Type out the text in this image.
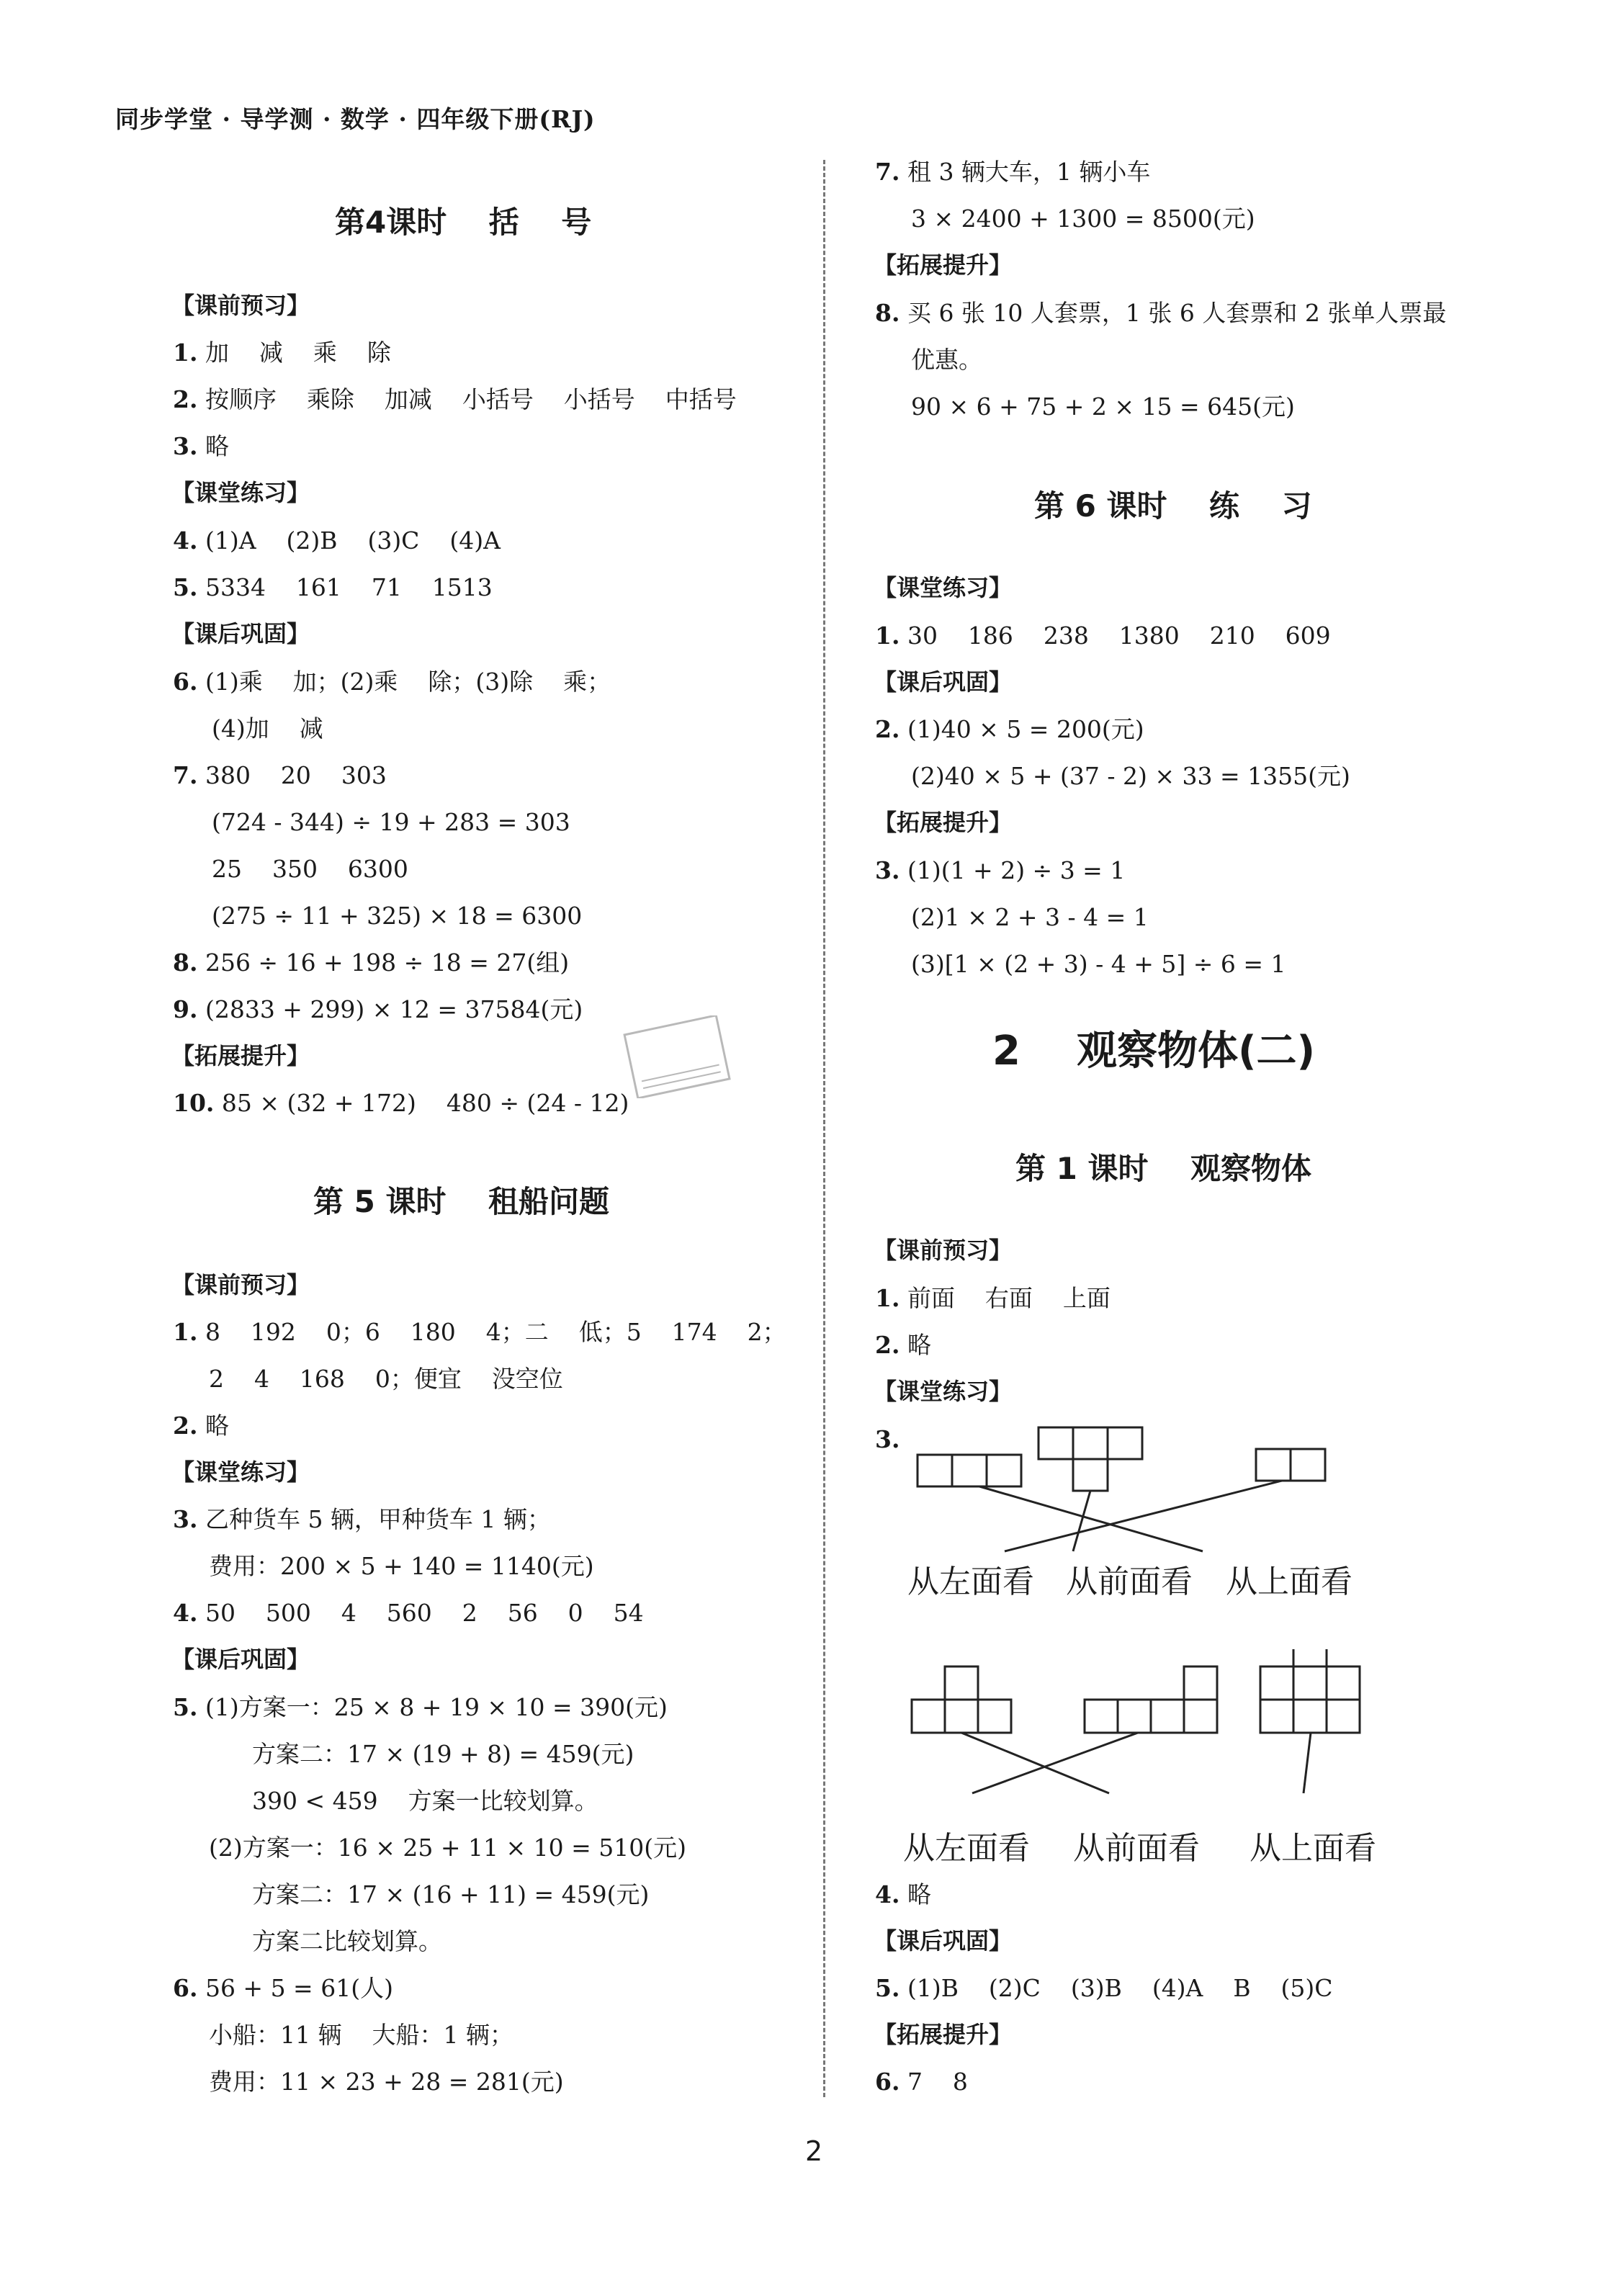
同步学堂 · 导学测 · 数学 · 四年级下册(RJ)
第4课时    括    号
【课前预习】
1. 加    减    乘    除
2. 按顺序    乘除    加减    小括号    小括号    中括号
3. 略
【课堂练习】
4. (1)A    (2)B    (3)C    (4)A
5. 5334    161    71    1513
【课后巩固】
6. (1)乘    加；(2)乘    除；(3)除    乘；
(4)加    减
7. 380    20    303
(724 - 344) ÷ 19 + 283 = 303
25    350    6300
(275 ÷ 11 + 325) × 18 = 6300
8. 256 ÷ 16 + 198 ÷ 18 = 27(组)
9. (2833 + 299) × 12 = 37584(元)
【拓展提升】
10. 85 × (32 + 172)    480 ÷ (24 - 12)
第 5 课时    租船问题
【课前预习】
1. 8    192    0；6    180    4；二    低；5    174    2；
2    4    168    0；便宜    没空位
2. 略
【课堂练习】
3. 乙种货车 5 辆，甲种货车 1 辆；
费用：200 × 5 + 140 = 1140(元)
4. 50    500    4    560    2    56    0    54
【课后巩固】
5. (1)方案一：25 × 8 + 19 × 10 = 390(元)
方案二：17 × (19 + 8) = 459(元)
390 < 459    方案一比较划算。
(2)方案一：16 × 25 + 11 × 10 = 510(元)
方案二：17 × (16 + 11) = 459(元)
方案二比较划算。
6. 56 + 5 = 61(人)
小船：11 辆    大船：1 辆；
费用：11 × 23 + 28 = 281(元)
7. 租 3 辆大车，1 辆小车
3 × 2400 + 1300 = 8500(元)
【拓展提升】
8. 买 6 张 10 人套票，1 张 6 人套票和 2 张单人票最
优惠。
90 × 6 + 75 + 2 × 15 = 645(元)
第 6 课时    练    习
【课堂练习】
1. 30    186    238    1380    210    609
【课后巩固】
2. (1)40 × 5 = 200(元)
(2)40 × 5 + (37 - 2) × 33 = 1355(元)
【拓展提升】
3. (1)(1 + 2) ÷ 3 = 1
(2)1 × 2 + 3 - 4 = 1
(3)[1 × (2 + 3) - 4 + 5] ÷ 6 = 1
2    观察物体(二)
第 1 课时    观察物体
【课前预习】
1. 前面    右面    上面
2. 略
【课堂练习】
3.
从左面看 从前面看 从上面看
从左面看 从前面看 从上面看
4. 略
【课后巩固】
5. (1)B    (2)C    (3)B    (4)A    B    (5)C
【拓展提升】
6. 7    8
2
